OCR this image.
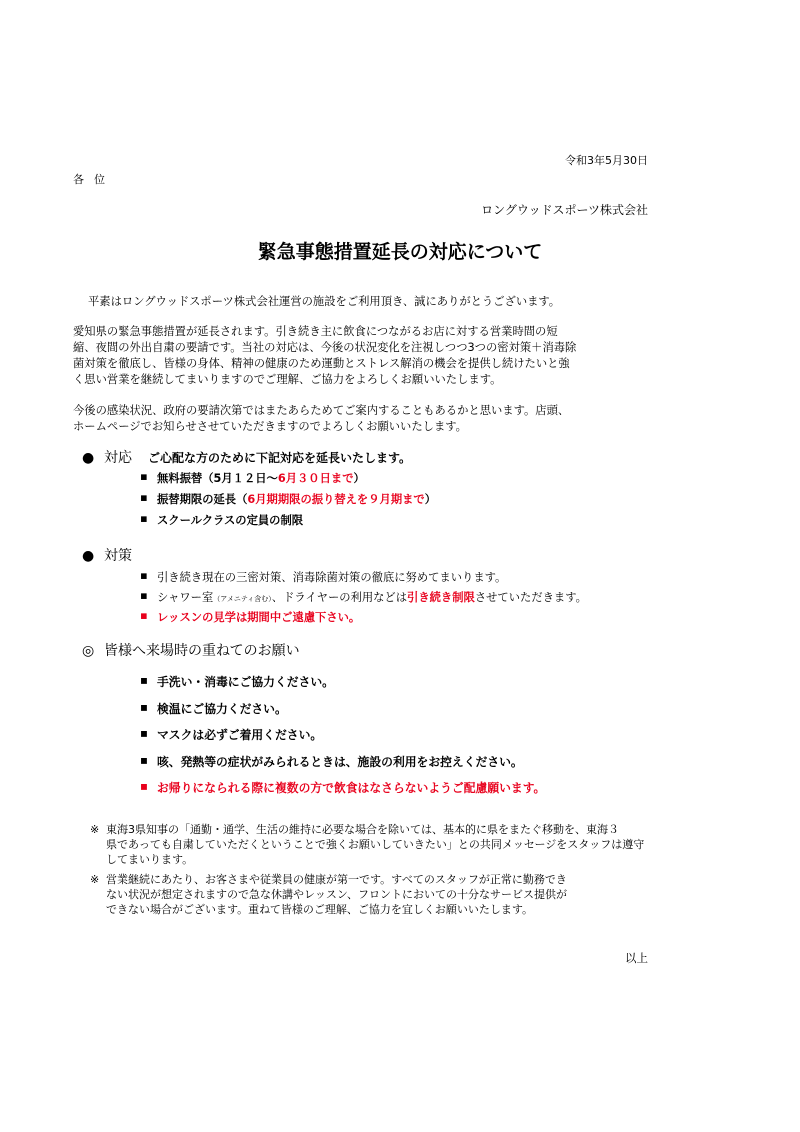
令和3年5月30日
各位
ロングウッドスポーツ株式会社
緊急事態措置延長の対応について
平素はロングウッドスポーツ株式会社運営の施設をご利用頂き、誠にありがとうございます。
愛知県の緊急事態措置が延長されます。引き続き主に飲食につながるお店に対する営業時間の短
縮、夜間の外出自粛の要請です。当社の対応は、今後の状況変化を注視しつつ3つの密対策＋消毒除
菌対策を徹底し、皆様の身体、精神の健康のため運動とストレス解消の機会を提供し続けたいと強
く思い営業を継続してまいりますのでご理解、ご協力をよろしくお願いいたします。
今後の感染状況、政府の要請次第ではまたあらためてご案内することもあるかと思います。店頭、
ホームページでお知らせさせていただきますのでよろしくお願いいたします。
● 対応 ご心配な方のために下記対応を延長いたします。
▪ 無料振替（5月１２日～6月３０日まで）
▪ 振替期限の延長（6月期期限の振り替えを９月期まで）
▪ スクールクラスの定員の制限
● 対策
▪ 引き続き現在の三密対策、消毒除菌対策の徹底に努めてまいります。
▪ シャワー室（アメニティ含む）、ドライヤーの利用などは引き続き制限させていただきます。
▪ レッスンの見学は期間中ご遠慮下さい。
◎ 皆様へ来場時の重ねてのお願い
▪ 手洗い・消毒にご協力ください。
▪ 検温にご協力ください。
▪ マスクは必ずご着用ください。
▪ 咳、発熱等の症状がみられるときは、施設の利用をお控えください。
▪ お帰りになられる際に複数の方で飲食はなさらないようご配慮願います。
※ 東海3県知事の「通勤・通学、生活の維持に必要な場合を除いては、基本的に県をまたぐ移動を、東海３
県であっても自粛していただくということで強くお願いしていきたい」との共同メッセージをスタッフは遵守
してまいります。
※ 営業継続にあたり、お客さまや従業員の健康が第一です。すべてのスタッフが正常に勤務でき
ない状況が想定されますので急な休講やレッスン、フロントにおいての十分なサービス提供が
できない場合がございます。重ねて皆様のご理解、ご協力を宜しくお願いいたします。
以上
